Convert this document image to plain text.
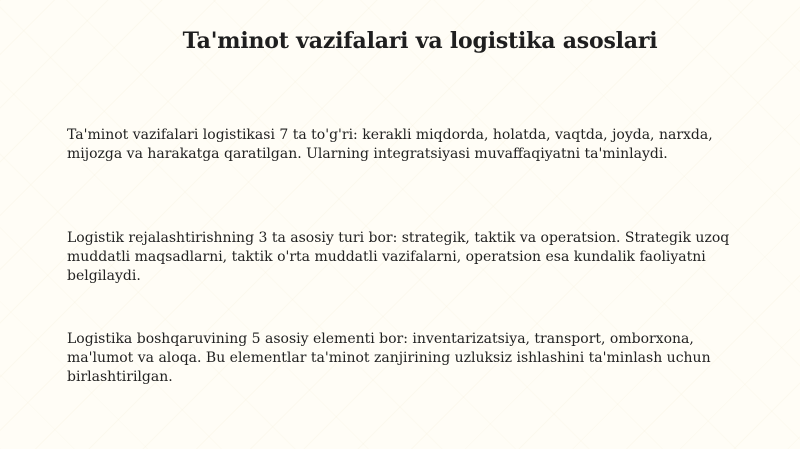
Ta'minot vazifalari va logistika asoslari

Ta'minot vazifalari logistikasi 7 ta to'g'ri: kerakli miqdorda, holatda, vaqtda, joyda, narxda, mijozga va harakatga qaratilgan. Ularning integratsiyasi muvaffaqiyatni ta'minlaydi.

Logistik rejalashtirishning 3 ta asosiy turi bor: strategik, taktik va operatsion. Strategik uzoq muddatli maqsadlarni, taktik o'rta muddatli vazifalarni, operatsion esa kundalik faoliyatni belgilaydi.

Logistika boshqaruvining 5 asosiy elementi bor: inventarizatsiya, transport, omborxona, ma'lumot va aloqa. Bu elementlar ta'minot zanjirining uzluksiz ishlashini ta'minlash uchun birlashtirilgan.
